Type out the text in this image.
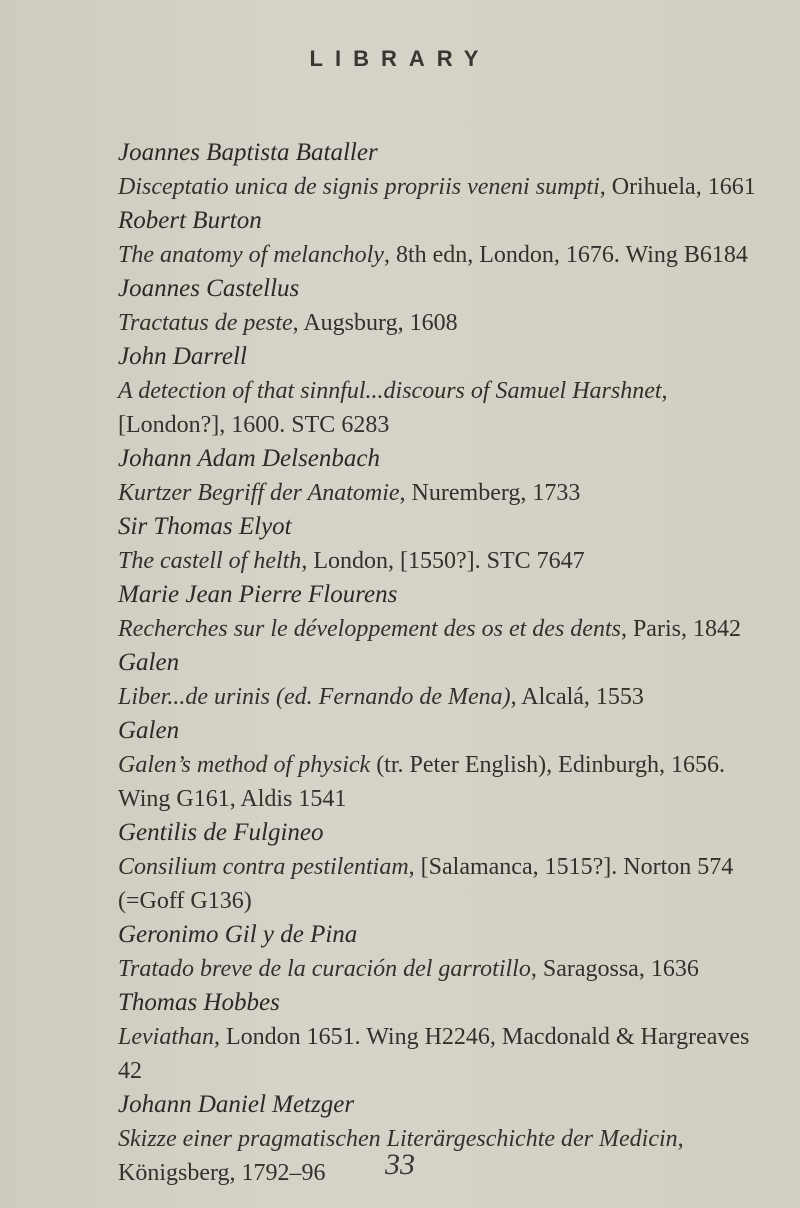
LIBRARY
Joannes Baptista Bataller
Disceptatio unica de signis propriis veneni sumpti, Orihuela, 1661
Robert Burton
The anatomy of melancholy, 8th edn, London, 1676. Wing B6184
Joannes Castellus
Tractatus de peste, Augsburg, 1608
John Darrell
A detection of that sinnful...discours of Samuel Harshnet, [London?], 1600. STC 6283
Johann Adam Delsenbach
Kurtzer Begriff der Anatomie, Nuremberg, 1733
Sir Thomas Elyot
The castell of helth, London, [1550?]. STC 7647
Marie Jean Pierre Flourens
Recherches sur le développement des os et des dents, Paris, 1842
Galen
Liber...de urinis (ed. Fernando de Mena), Alcalá, 1553
Galen
Galen’s method of physick (tr. Peter English), Edinburgh, 1656. Wing G161, Aldis 1541
Gentilis de Fulgineo
Consilium contra pestilentiam, [Salamanca, 1515?]. Norton 574 (=Goff G136)
Geronimo Gil y de Pina
Tratado breve de la curación del garrotillo, Saragossa, 1636
Thomas Hobbes
Leviathan, London 1651. Wing H2246, Macdonald & Hargreaves 42
Johann Daniel Metzger
Skizze einer pragmatischen Literärgeschichte der Medicin, Königsberg, 1792–96	33
